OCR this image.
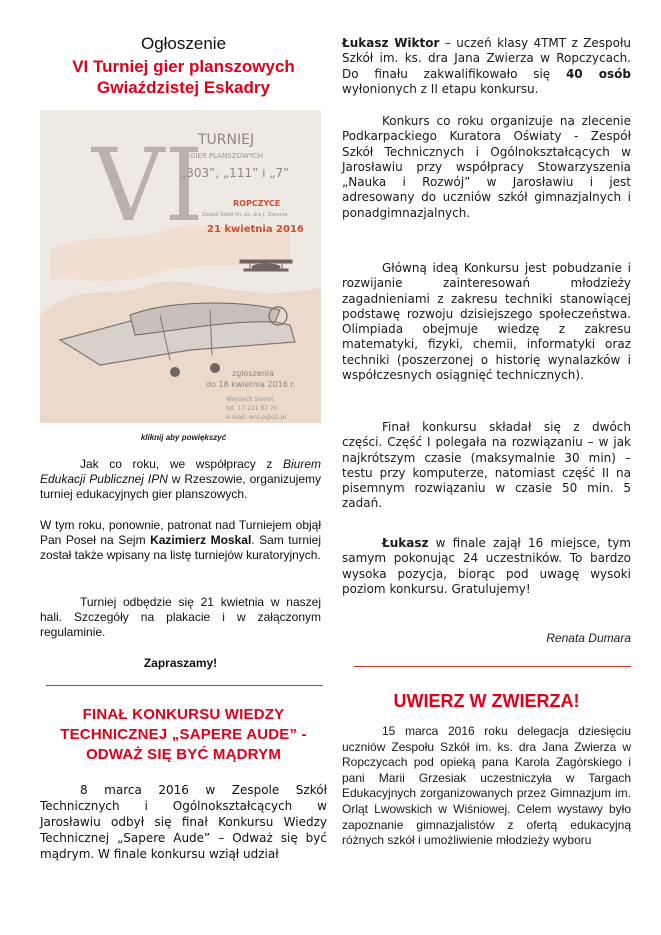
Ogłoszenie
VI Turniej gier planszowych
Gwiaździstej Eskadry
VI
TURNIEJ
GIER PLANSZOWYCH
„303”, „111” i „7”
ROPCZYCE
Zespół Szkół im. ks. dra J. Zwierza
21 kwietnia 2016
zgłoszenia
do 18 kwietnia 2016 r.
Wojciech Sieroń
tel. 17 221 82 70
e-mail: wrs-p@o2.pl
kliknij aby powiększyć

Jak co roku, we współpracy z Biurem Edukacji Publicznej IPN w Rzeszowie, organizujemy turniej edukacyjnych gier planszowych.

W tym roku, ponownie, patronat nad Turniejem objął Pan Poseł na Sejm Kazimierz Moskal. Sam turniej został także wpisany na listę turniejów kuratoryjnych.

Turniej odbędzie się 21 kwietnia w naszej hali. Szczegóły na plakacie i w załączonym regulaminie.

Zapraszamy!

FINAŁ KONKURSU WIEDZY
TECHNICZNEJ „SAPERE AUDE” -
ODWAŻ SIĘ BYĆ MĄDRYM

8 marca 2016 w Zespole Szkół Technicznych i Ogólnokształcących w Jarosławiu odbył się finał Konkursu Wiedzy Technicznej „Sapere Aude” – Odważ się być mądrym. W finale konkursu wziął udział

Łukasz Wiktor – uczeń klasy 4TMT z Zespołu Szkół im. ks. dra Jana Zwierza w Ropczycach. Do finału zakwalifikowało się 40 osób wyłonionych z II etapu konkursu.

Konkurs co roku organizuje na zlecenie Podkarpackiego Kuratora Oświaty - Zespół Szkół Technicznych i Ogólnokształcących w Jarosławiu przy współpracy Stowarzyszenia „Nauka i Rozwój” w Jarosławiu i jest adresowany do uczniów szkół gimnazjalnych i ponadgimnazjalnych.

Główną ideą Konkursu jest pobudzanie i rozwijanie zainteresowań młodzieży zagadnieniami z zakresu techniki stanowiącej podstawę rozwoju dzisiejszego społeczeństwa. Olimpiada obejmuje wiedzę z zakresu matematyki, fizyki, chemii, informatyki oraz techniki (poszerzonej o historię wynalazków i współczesnych osiągnięć technicznych).

Finał konkursu składał się z dwóch części. Część I polegała na rozwiązaniu – w jak najkrótszym czasie (maksymalnie 30 min) – testu przy komputerze, natomiast część II na pisemnym rozwiązaniu w czasie 50 min. 5 zadań.

Łukasz w finale zajął 16 miejsce, tym samym pokonując 24 uczestników. To bardzo wysoka pozycja, biorąc pod uwagę wysoki poziom konkursu. Gratulujemy!

Renata Dumara
UWIERZ W ZWIERZA!

15 marca 2016 roku delegacja dziesięciu uczniów Zespołu Szkół im. ks. dra Jana Zwierza w Ropczycach pod opieką pana Karola Zagórskiego i pani Marii Grzesiak uczestniczyła w Targach Edukacyjnych zorganizowanych przez Gimnazjum im. Orląt Lwowskich w Wiśniowej. Celem wystawy było zapoznanie gimnazjalistów z ofertą edukacyjną różnych szkół i umożliwienie młodzieży wyboru
